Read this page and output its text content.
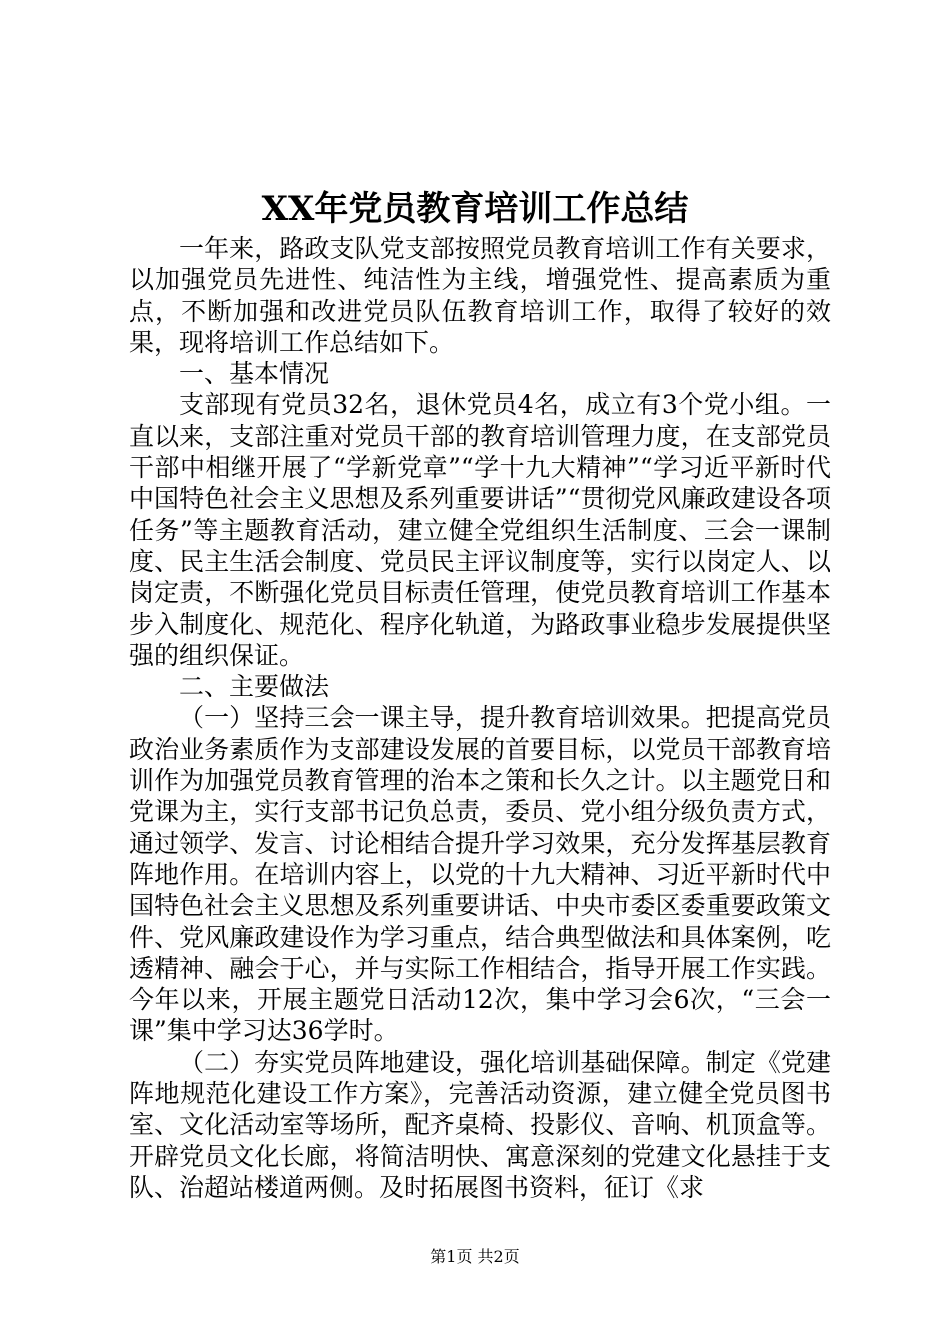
XX年党员教育培训工作总结

一年来，路政支队党支部按照党员教育培训工作有关要求，以加强党员先进性、纯洁性为主线，增强党性、提高素质为重点，不断加强和改进党员队伍教育培训工作，取得了较好的效果，现将培训工作总结如下。

一、基本情况

支部现有党员32名，退休党员4名，成立有3个党小组。一直以来，支部注重对党员干部的教育培训管理力度，在支部党员干部中相继开展了“学新党章”“学十九大精神”“学习近平新时代中国特色社会主义思想及系列重要讲话”“贯彻党风廉政建设各项任务”等主题教育活动，建立健全党组织生活制度、三会一课制度、民主生活会制度、党员民主评议制度等，实行以岗定人、以岗定责，不断强化党员目标责任管理，使党员教育培训工作基本步入制度化、规范化、程序化轨道，为路政事业稳步发展提供坚强的组织保证。

二、主要做法

（一）坚持三会一课主导，提升教育培训效果。把提高党员政治业务素质作为支部建设发展的首要目标，以党员干部教育培训作为加强党员教育管理的治本之策和长久之计。以主题党日和党课为主，实行支部书记负总责，委员、党小组分级负责方式，通过领学、发言、讨论相结合提升学习效果，充分发挥基层教育阵地作用。在培训内容上，以党的十九大精神、习近平新时代中国特色社会主义思想及系列重要讲话、中央市委区委重要政策文件、党风廉政建设作为学习重点，结合典型做法和具体案例，吃透精神、融会于心，并与实际工作相结合，指导开展工作实践。今年以来，开展主题党日活动12次，集中学习会6次，“三会一课”集中学习达36学时。

（二）夯实党员阵地建设，强化培训基础保障。制定《党建阵地规范化建设工作方案》，完善活动资源，建立健全党员图书室、文化活动室等场所，配齐桌椅、投影仪、音响、机顶盒等。开辟党员文化长廊，将简洁明快、寓意深刻的党建文化悬挂于支队、治超站楼道两侧。及时拓展图书资料，征订《求

第1页 共2页
